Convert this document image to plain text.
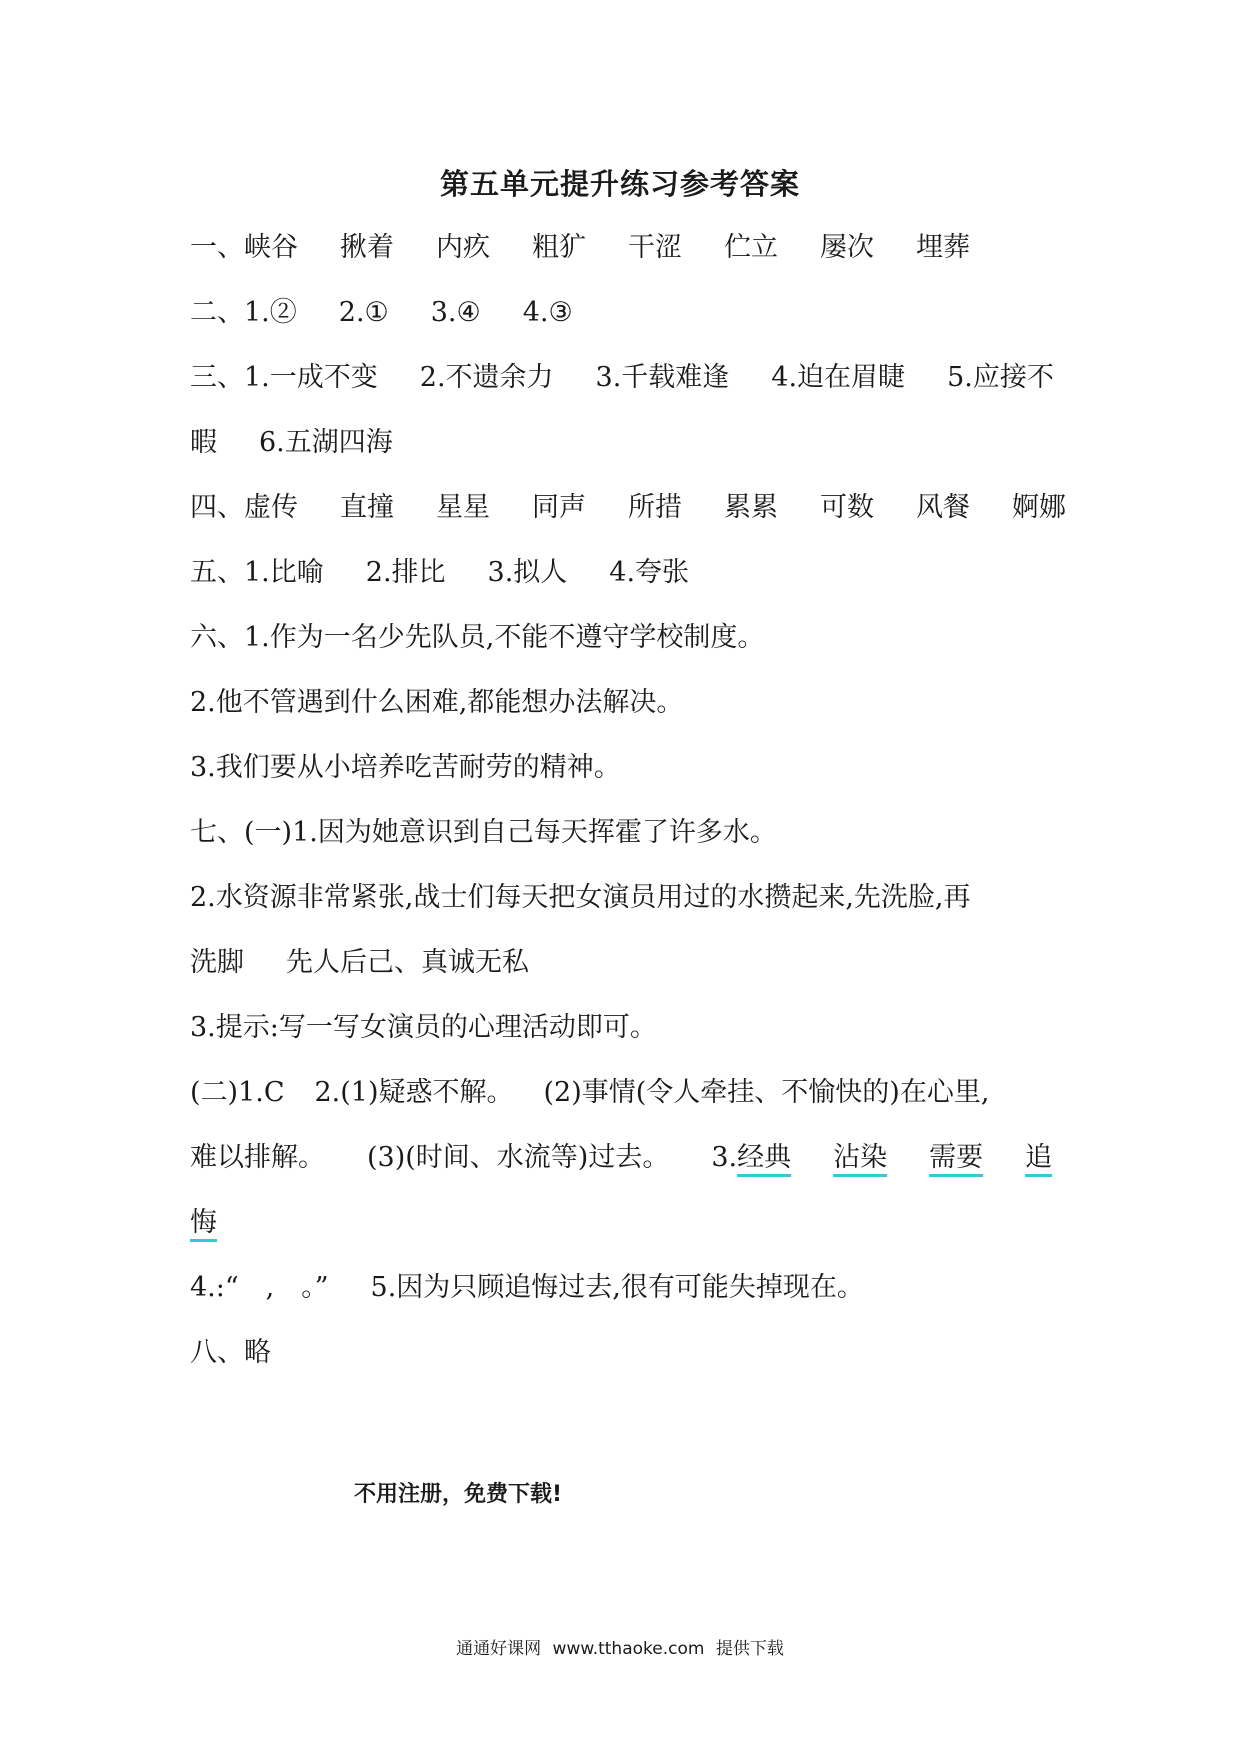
第五单元提升练习参考答案
一、峡谷 揪着 内疚 粗犷 干涩 伫立 屡次 埋葬
二、1.② 2.① 3.④ 4.③
三、1.一成不变 2.不遗余力 3.千载难逢 4.迫在眉睫 5.应接不
暇 6.五湖四海
四、虚传 直撞 星星 同声 所措 累累 可数 风餐 婀娜
五、1.比喻 2.排比 3.拟人 4.夸张
六、1.作为一名少先队员,不能不遵守学校制度。
2.他不管遇到什么困难,都能想办法解决。
3.我们要从小培养吃苦耐劳的精神。
七、(一)1.因为她意识到自己每天挥霍了许多水。
2.水资源非常紧张,战士们每天把女演员用过的水攒起来,先洗脸,再
洗脚 先人后己、真诚无私
3.提示:写一写女演员的心理活动即可。
(二)1.C 2.(1)疑惑不解。 (2)事情(令人牵挂、不愉快的)在心里,
难以排解。 (3)(时间、水流等)过去。 3.经典 沾染 需要 追
悔
4.:“　,　。” 5.因为只顾追悔过去,很有可能失掉现在。
八、略
不用注册，免费下载!
通通好课网 www.tthaoke.com 提供下载
